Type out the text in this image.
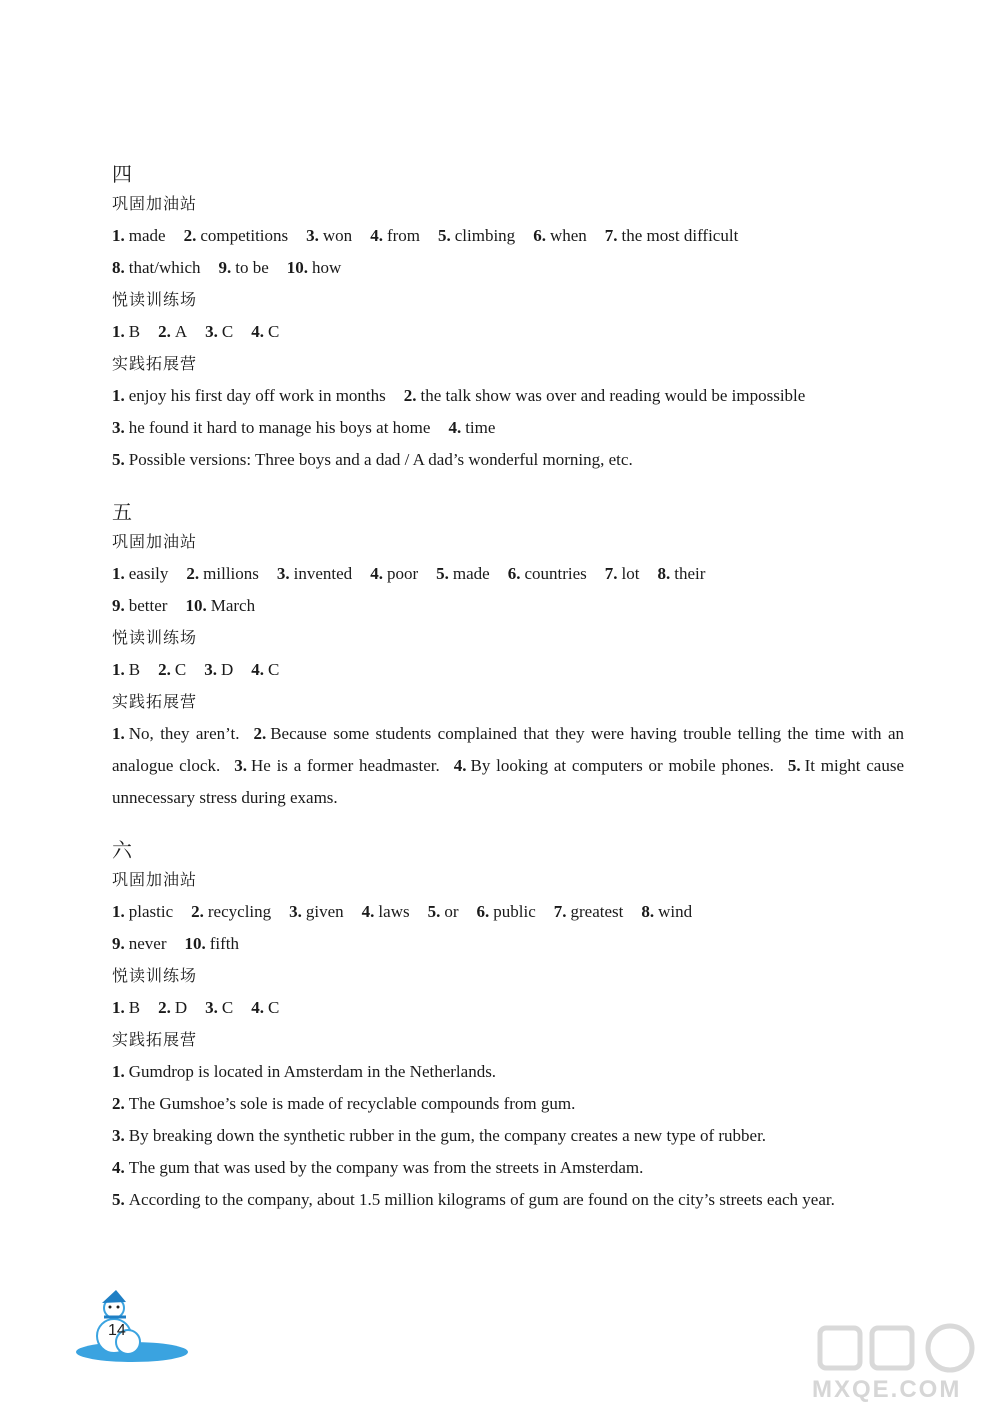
四
巩固加油站
1. made 2. competitions 3. won 4. from 5. climbing 6. when 7. the most difficult
8. that/which 9. to be 10. how
悦读训练场
1. B 2. A 3. C 4. C
实践拓展营
1. enjoy his first day off work in months 2. the talk show was over and reading would be impossible
3. he found it hard to manage his boys at home 4. time
5. Possible versions: Three boys and a dad / A dad’s wonderful morning, etc.
五
巩固加油站
1. easily 2. millions 3. invented 4. poor 5. made 6. countries 7. lot 8. their
9. better 10. March
悦读训练场
1. B 2. C 3. D 4. C
实践拓展营
1. No, they aren’t. 2. Because some students complained that they were having trouble telling the time with an analogue clock. 3. He is a former headmaster. 4. By looking at computers or mobile phones. 5. It might cause unnecessary stress during exams.
六
巩固加油站
1. plastic 2. recycling 3. given 4. laws 5. or 6. public 7. greatest 8. wind
9. never 10. fifth
悦读训练场
1. B 2. D 3. C 4. C
实践拓展营
1. Gumdrop is located in Amsterdam in the Netherlands.
2. The Gumshoe’s sole is made of recyclable compounds from gum.
3. By breaking down the synthetic rubber in the gum, the company creates a new type of rubber.
4. The gum that was used by the company was from the streets in Amsterdam.
5. According to the company, about 1.5 million kilograms of gum are found on the city’s streets each year.
14
MXQE.COM
